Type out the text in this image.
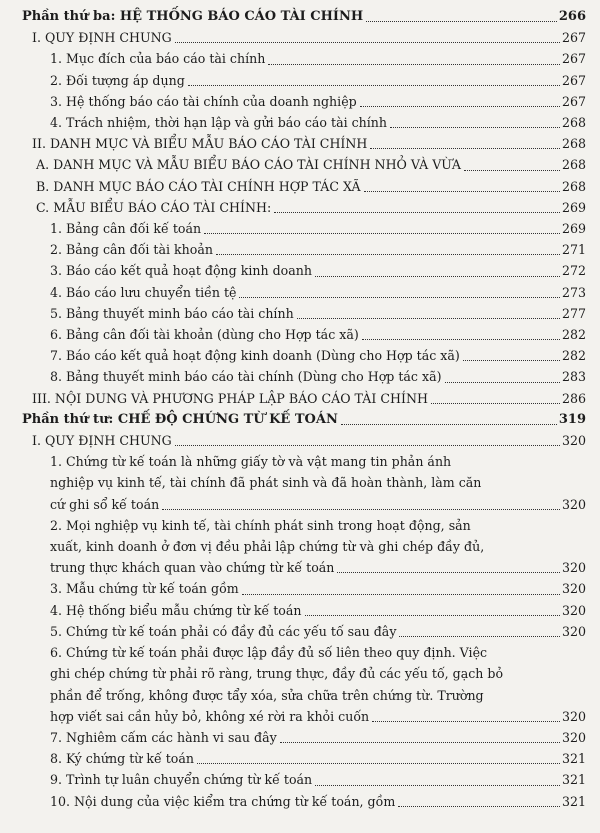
Phần thứ ba: HỆ THỐNG BÁO CÁO TÀI CHÍNH	266
I. QUY ĐỊNH CHUNG	267
1. Mục đích của báo cáo tài chính	267
2. Đối tượng áp dụng	267
3. Hệ thống báo cáo tài chính của doanh nghiệp	267
4. Trách nhiệm, thời hạn lập và gửi báo cáo tài chính	268
II. DANH MỤC VÀ BIỂU MẪU BÁO CÁO TÀI CHÍNH	268
A. DANH MỤC VÀ MẪU BIỂU BÁO CÁO TÀI CHÍNH NHỎ VÀ VỪA	268
B. DANH MỤC BÁO CÁO TÀI CHÍNH HỢP TÁC XÃ	268
C. MẪU BIỂU BÁO CÁO TÀI CHÍNH:	269
1. Bảng cân đối kế toán	269
2. Bảng cân đối tài khoản	271
3. Báo cáo kết quả hoạt động kinh doanh	272
4. Báo cáo lưu chuyển tiền tệ	273
5. Bảng thuyết minh báo cáo tài chính	277
6. Bảng cân đối tài khoản (dùng cho Hợp tác xã)	282
7. Báo cáo kết quả hoạt động kinh doanh (Dùng cho Hợp tác xã)	282
8. Bảng thuyết minh báo cáo tài chính (Dùng cho Hợp tác xã)	283
III. NỘI DUNG VÀ PHƯƠNG PHÁP LẬP BÁO CÁO TÀI CHÍNH	286
Phần thứ tư: CHẾ ĐỘ CHỨNG TỪ KẾ TOÁN	319
I. QUY ĐỊNH CHUNG	320
1. Chứng từ kế toán là những giấy tờ và vật mang tin phản ánh
nghiệp vụ kinh tế, tài chính đã phát sinh và đã hoàn thành, làm căn
cứ ghi sổ kế toán	320
2. Mọi nghiệp vụ kinh tế, tài chính phát sinh trong hoạt động, sản
xuất, kinh doanh ở đơn vị đều phải lập chứng từ và ghi chép đầy đủ,
trung thực khách quan vào chứng từ kế toán	320
3. Mẫu chứng từ kế toán gồm	320
4. Hệ thống biểu mẫu chứng từ kế toán	320
5. Chứng từ kế toán phải có đầy đủ các yếu tố sau đây	320
6. Chứng từ kế toán phải được lập đầy đủ số liên theo quy định. Việc
ghi chép chứng từ phải rõ ràng, trung thực, đầy đủ các yếu tố, gạch bỏ
phần để trống, không được tẩy xóa, sửa chữa trên chứng từ. Trường
hợp viết sai cần hủy bỏ, không xé rời ra khỏi cuốn	320
7. Nghiêm cấm các hành vi sau đây	320
8. Ký chứng từ kế toán	321
9. Trình tự luân chuyển chứng từ kế toán	321
10. Nội dung của việc kiểm tra chứng từ kế toán, gồm	321
